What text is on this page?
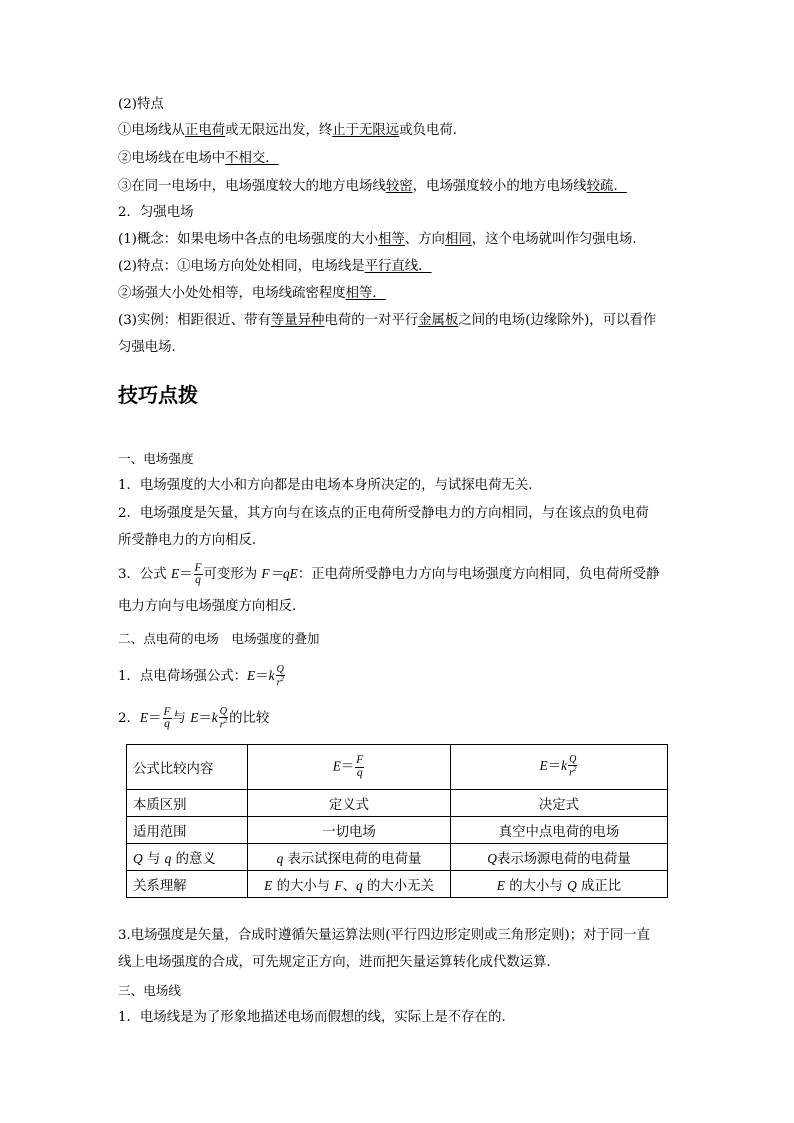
(2)特点
①电场线从正电荷或无限远出发，终止于无限远或负电荷．
②电场线在电场中不相交．
③在同一电场中，电场强度较大的地方电场线较密，电场强度较小的地方电场线较疏．
2．匀强电场
(1)概念：如果电场中各点的电场强度的大小相等、方向相同，这个电场就叫作匀强电场．
(2)特点：①电场方向处处相同，电场线是平行直线．
②场强大小处处相等，电场线疏密程度相等．
(3)实例：相距很近、带有等量异种电荷的一对平行金属板之间的电场(边缘除外)，可以看作
匀强电场．
技巧点拨
一、电场强度
1．电场强度的大小和方向都是由电场本身所决定的，与试探电荷无关．
2．电场强度是矢量，其方向与在该点的正电荷所受静电力的方向相同，与在该点的负电荷
所受静电力的方向相反．
3．公式 $E= \frac{F}{q}$ 可变形为 F＝qE：正电荷所受静电力方向与电场强度方向相同，负电荷所受静
电力方向与电场强度方向相反．
二、点电荷的电场　电场强度的叠加
1．点电荷场强公式：$E=k \frac{Q}{r^2}$
2．$E= \frac{F}{q}$ 与 $E=k \frac{Q}{r^2}$ 的比较
公式比较内容	$E= \frac{F}{q}$	$E=k \frac{Q}{r^2}$

本质区别	定义式	决定式
适用范围	一切电场	真空中点电荷的电场
Q 与 q 的意义	q 表示试探电荷的电荷量	Q表示场源电荷的电荷量
关系理解	E 的大小与 F、q 的大小无关	E 的大小与 Q 成正比
3.电场强度是矢量，合成时遵循矢量运算法则(平行四边形定则或三角形定则)；对于同一直
线上电场强度的合成，可先规定正方向，进而把矢量运算转化成代数运算．
三、电场线
1．电场线是为了形象地描述电场而假想的线，实际上是不存在的．
